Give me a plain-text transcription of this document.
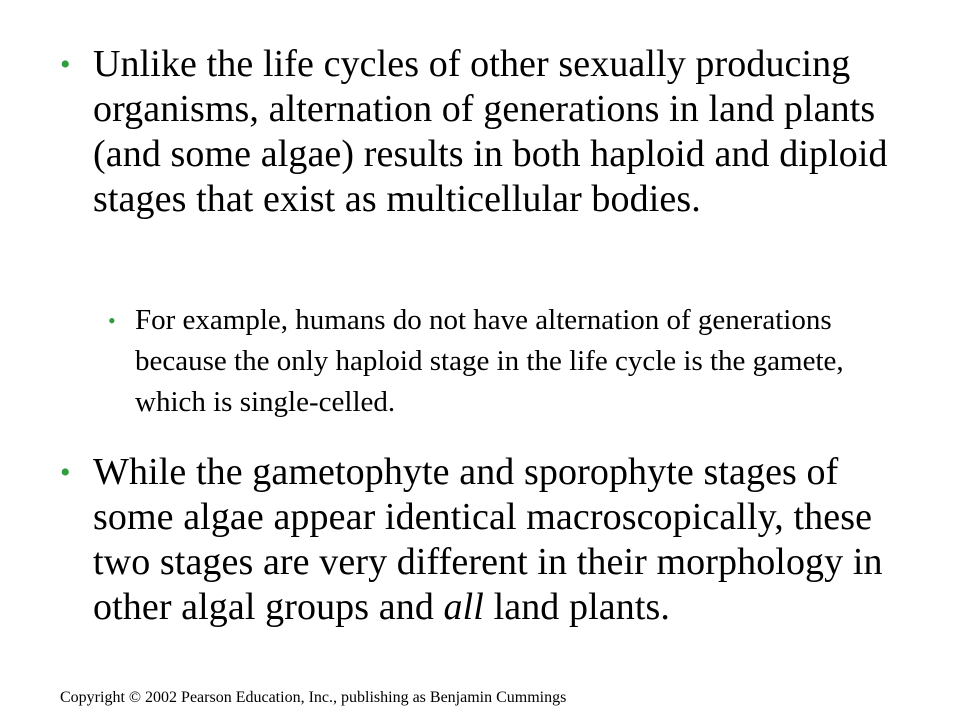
• Unlike the life cycles of other sexually producing organisms, alternation of generations in land plants (and some algae) results in both haploid and diploid stages that exist as multicellular bodies.
• For example, humans do not have alternation of generations because the only haploid stage in the life cycle is the gamete, which is single-celled.
• While the gametophyte and sporophyte stages of some algae appear identical macroscopically, these two stages are very different in their morphology in other algal groups and all land plants.
Copyright © 2002 Pearson Education, Inc., publishing as Benjamin Cummings
